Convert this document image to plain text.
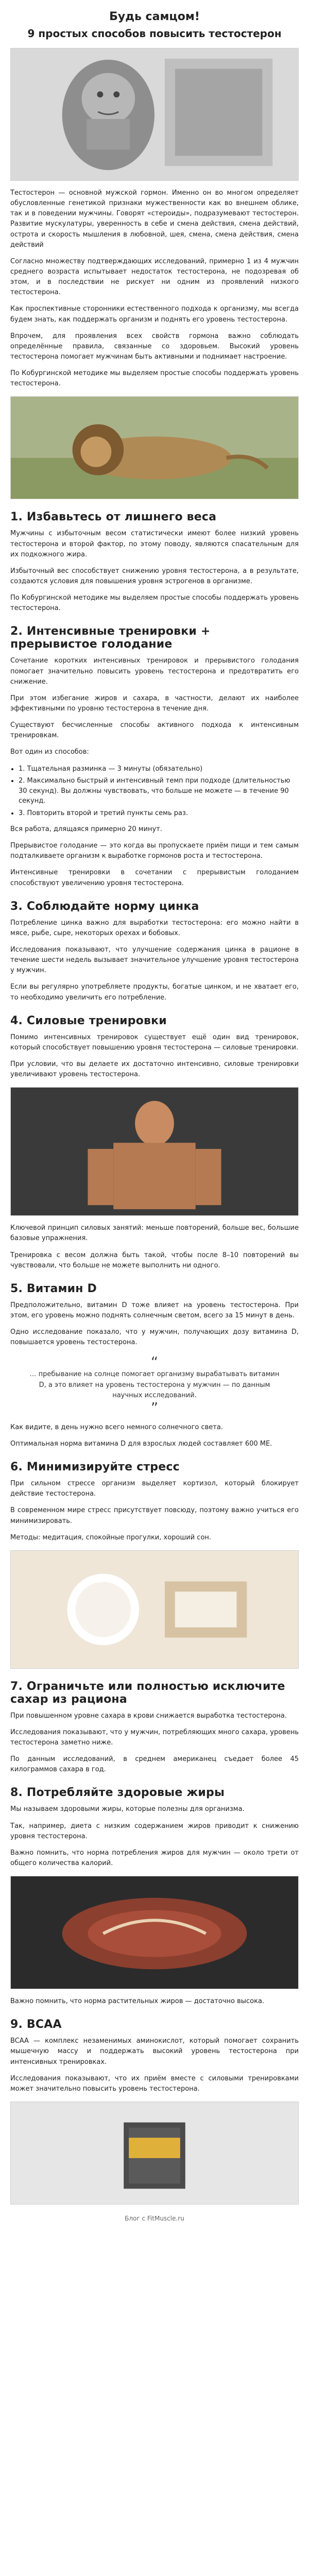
Будь самцом!
9 простых способов повысить тестостерон

Тестостерон — основной мужской гормон. Именно он во многом определяет обусловленные генетикой признаки мужественности как во внешнем облике, так и в поведении мужчины. Говорят «стероиды», подразумевают тестостерон. Развитие мускулатуры, уверенность в себе и смена действия, смена действий, острота и скорость мышления в любовной, шея, смена, смена действия, смена действий

Согласно множеству подтверждающих исследований, примерно 1 из 4 мужчин среднего возраста испытывает недостаток тестостерона, не подозревая об этом, и в последствии не рискует ни одним из проявлений низкого тестостерона.

Как проспективные сторонники естественного подхода к организму, мы всегда будем знать, как поддержать организм и поднять его уровень тестостерона.

Впрочем, для проявления всех свойств гормона важно соблюдать определённые правила, связанные со здоровьем. Высокий уровень тестостерона помогает мужчинам быть активными и поднимает настроение.

По Кобургинской методике мы выделяем простые способы поддержать уровень тестостерона.

1. Избавьтесь от лишнего веса

Мужчины с избыточным весом статистически имеют более низкий уровень тестостерона и второй фактор, по этому поводу, являются спасательным для их подкожного жира.

Избыточный вес способствует снижению уровня тестостерона, а в результате, создаются условия для повышения уровня эстрогенов в организме.

По Кобургинской методике мы выделяем простые способы поддержать уровень тестостерона.

2. Интенсивные тренировки + прерывистое голодание

Сочетание коротких интенсивных тренировок и прерывистого голодания помогает значительно повысить уровень тестостерона и предотвратить его снижение.

При этом избегание жиров и сахара, в частности, делают их наиболее эффективными по уровню тестостерона в течение дня.

Существуют бесчисленные способы активного подхода к интенсивным тренировкам.

Вот один из способов:

• 1. Тщательная разминка — 3 минуты (обязательно)
• 2. Максимально быстрый и интенсивный темп при подходе (длительностью 30 секунд). Вы должны чувствовать, что больше не можете — в течение 90 секунд.
• 3. Повторить второй и третий пункты семь раз.

Вся работа, длящаяся примерно 20 минут.

Прерывистое голодание — это когда вы пропускаете приём пищи и тем самым подталкиваете организм к выработке гормонов роста и тестостерона.

Интенсивные тренировки в сочетании с прерывистым голоданием способствуют увеличению уровня тестостерона.

3. Соблюдайте норму цинка

Потребление цинка важно для выработки тестостерона: его можно найти в мясе, рыбе, сыре, некоторых орехах и бобовых.

Исследования показывают, что улучшение содержания цинка в рационе в течение шести недель вызывает значительное улучшение уровня тестостерона у мужчин.

Если вы регулярно употребляете продукты, богатые цинком, и не хватает его, то необходимо увеличить его потребление.

4. Силовые тренировки

Помимо интенсивных тренировок существует ещё один вид тренировок, который способствует повышению уровня тестостерона — силовые тренировки.

При условии, что вы делаете их достаточно интенсивно, силовые тренировки увеличивают уровень тестостерона.

Ключевой принцип силовых занятий: меньше повторений, больше вес, большие базовые упражнения.

Тренировка с весом должна быть такой, чтобы после 8–10 повторений вы чувствовали, что больше не можете выполнить ни одного.

5. Витамин D

Предположительно, витамин D тоже влияет на уровень тестостерона. При этом, его уровень можно поднять солнечным светом, всего за 15 минут в день.

Одно исследование показало, что у мужчин, получающих дозу витамина D, повышается уровень тестостерона.

“
… пребывание на солнце помогает организму вырабатывать витамин D, а это влияет на уровень тестостерона у мужчин — по данным научных исследований.
”

Как видите, в день нужно всего немного солнечного света.

Оптимальная норма витамина D для взрослых людей составляет 600 МЕ.

6. Минимизируйте стресс

При сильном стрессе организм выделяет кортизол, который блокирует действие тестостерона.

В современном мире стресс присутствует повсюду, поэтому важно учиться его минимизировать.

Методы: медитация, спокойные прогулки, хороший сон.

7. Ограничьте или полностью исключите сахар из рациона

При повышенном уровне сахара в крови снижается выработка тестостерона.

Исследования показывают, что у мужчин, потребляющих много сахара, уровень тестостерона заметно ниже.

По данным исследований, в среднем американец съедает более 45 килограммов сахара в год.

8. Потребляйте здоровые жиры

Мы называем здоровыми жиры, которые полезны для организма.

Так, например, диета с низким содержанием жиров приводит к снижению уровня тестостерона.

Важно помнить, что норма потребления жиров для мужчин — около трети от общего количества калорий.

Важно помнить, что норма растительных жиров — достаточно высока.

9. BCAA

BCAA — комплекс незаменимых аминокислот, который помогает сохранить мышечную массу и поддержать высокий уровень тестостерона при интенсивных тренировках.

Исследования показывают, что их приём вместе с силовыми тренировками может значительно повысить уровень тестостерона.

Блог с FitMuscle.ru
